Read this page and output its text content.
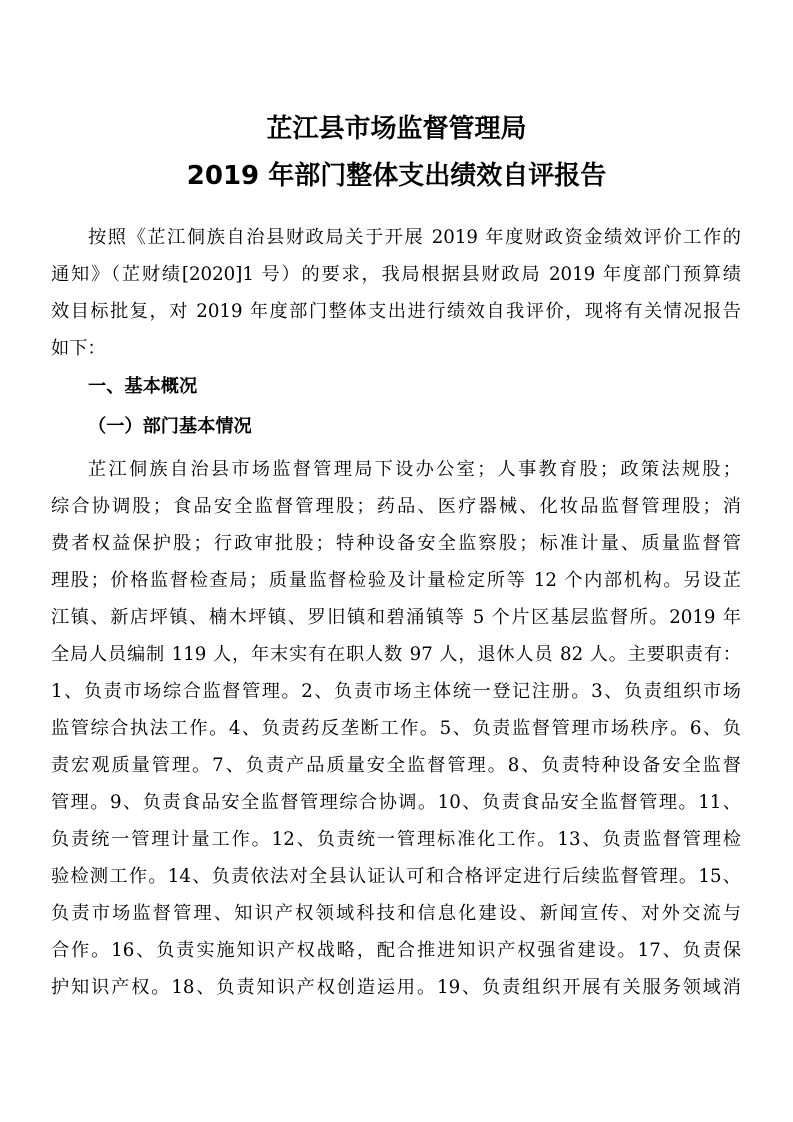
芷江县市场监督管理局
2019 年部门整体支出绩效自评报告
按照《芷江侗族自治县财政局关于开展 2019 年度财政资金绩效评价工作的
通知》（芷财绩[2020]1 号）的要求，我局根据县财政局 2019 年度部门预算绩
效目标批复，对 2019 年度部门整体支出进行绩效自我评价，现将有关情况报告
如下：
一、基本概况
（一）部门基本情况
芷江侗族自治县市场监督管理局下设办公室；人事教育股；政策法规股；
综合协调股；食品安全监督管理股；药品、医疗器械、化妆品监督管理股；消
费者权益保护股；行政审批股；特种设备安全监察股；标准计量、质量监督管
理股；价格监督检查局；质量监督检验及计量检定所等 12 个内部机构。另设芷
江镇、新店坪镇、楠木坪镇、罗旧镇和碧涌镇等 5 个片区基层监督所。2019 年
全局人员编制 119 人，年末实有在职人数 97 人，退休人员 82 人。主要职责有：
1、负责市场综合监督管理。2、负责市场主体统一登记注册。3、负责组织市场
监管综合执法工作。4、负责药反垄断工作。5、负责监督管理市场秩序。6、负
责宏观质量管理。7、负责产品质量安全监督管理。8、负责特种设备安全监督
管理。9、负责食品安全监督管理综合协调。10、负责食品安全监督管理。11、
负责统一管理计量工作。12、负责统一管理标准化工作。13、负责监督管理检
验检测工作。14、负责依法对全县认证认可和合格评定进行后续监督管理。15、
负责市场监督管理、知识产权领域科技和信息化建设、新闻宣传、对外交流与
合作。16、负责实施知识产权战略，配合推进知识产权强省建设。17、负责保
护知识产权。18、负责知识产权创造运用。19、负责组织开展有关服务领域消
